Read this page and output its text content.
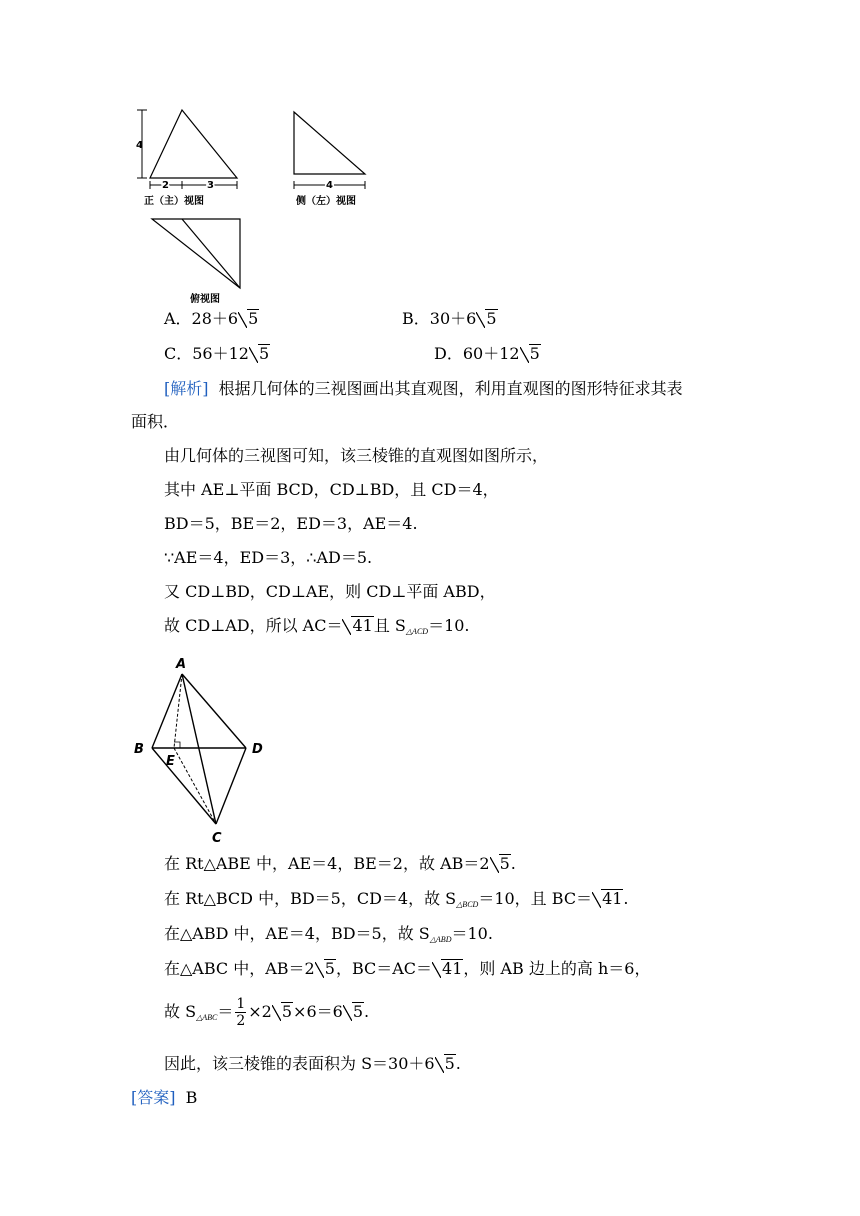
4
2	3
正（主）视图
4
侧（左）视图
俯视图
A．28＋6 5	B．30＋6 5
C．56＋12 5	D．60＋12 5
[解析] 根据几何体的三视图画出其直观图，利用直观图的图形特征求其表
面积．
由几何体的三视图可知，该三棱锥的直观图如图所示，
其中 AE⊥平面 BCD，CD⊥BD，且 CD＝4，
BD＝5，BE＝2，ED＝3，AE＝4.
∵AE＝4，ED＝3，∴AD＝5.
又 CD⊥BD，CD⊥AE，则 CD⊥平面 ABD，
故 CD⊥AD，所以 AC＝ 41且 $S_{\triangle ACD}=10$.
A
B	D
E
C
在 Rt△ABE 中，AE＝4，BE＝2，故 AB＝2 5.
在 Rt△BCD 中，BD＝5，CD＝4，故 $S_{\triangle BCD}=10$，且 BC＝ 41.
在△ABD 中，AE＝4，BD＝5，故 $S_{\triangle ABD}=10$.
在△ABC 中，AB＝2 5，BC＝AC＝ 41，则 AB 边上的高 h＝6，
故 $S_{\triangle ABC}= \frac{1}{2} \times 2$ 5×6＝6 5.
因此，该三棱锥的表面积为 S＝30＋6 5.
[答案] B
